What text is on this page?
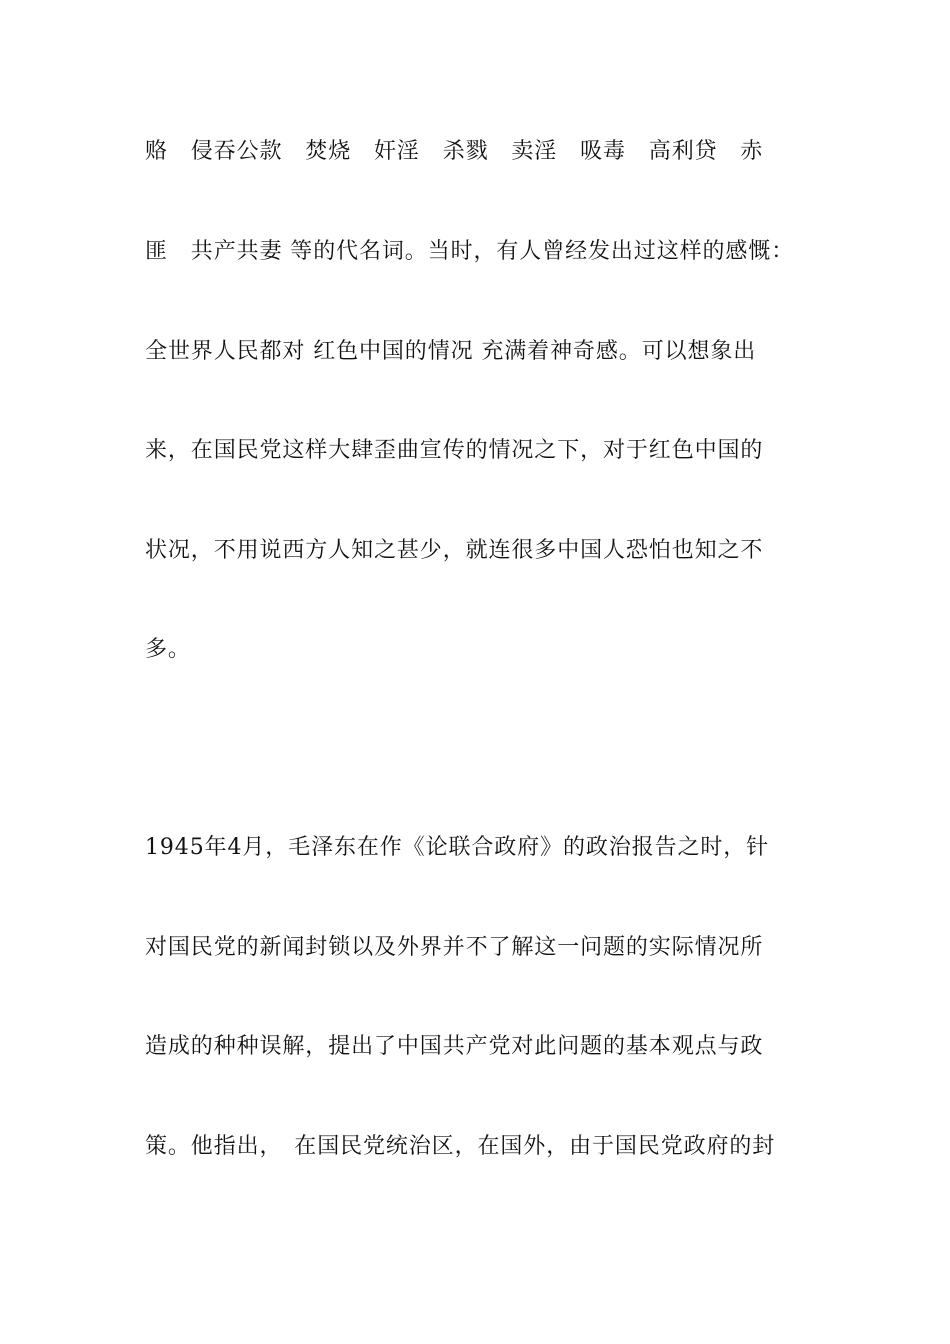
赂　侵吞公款　焚烧　奸淫　杀戮　卖淫　吸毒　高利贷　赤
匪　共产共妻 等的代名词。当时，有人曾经发出过这样的感慨：
全世界人民都对 红色中国的情况 充满着神奇感。可以想象出
来，在国民党这样大肆歪曲宣传的情况之下，对于红色中国的
状况，不用说西方人知之甚少，就连很多中国人恐怕也知之不
多。
1945年4月，毛泽东在作《论联合政府》的政治报告之时，针
对国民党的新闻封锁以及外界并不了解这一问题的实际情况所
造成的种种误解，提出了中国共产党对此问题的基本观点与政
策。他指出，　在国民党统治区，在国外，由于国民党政府的封
